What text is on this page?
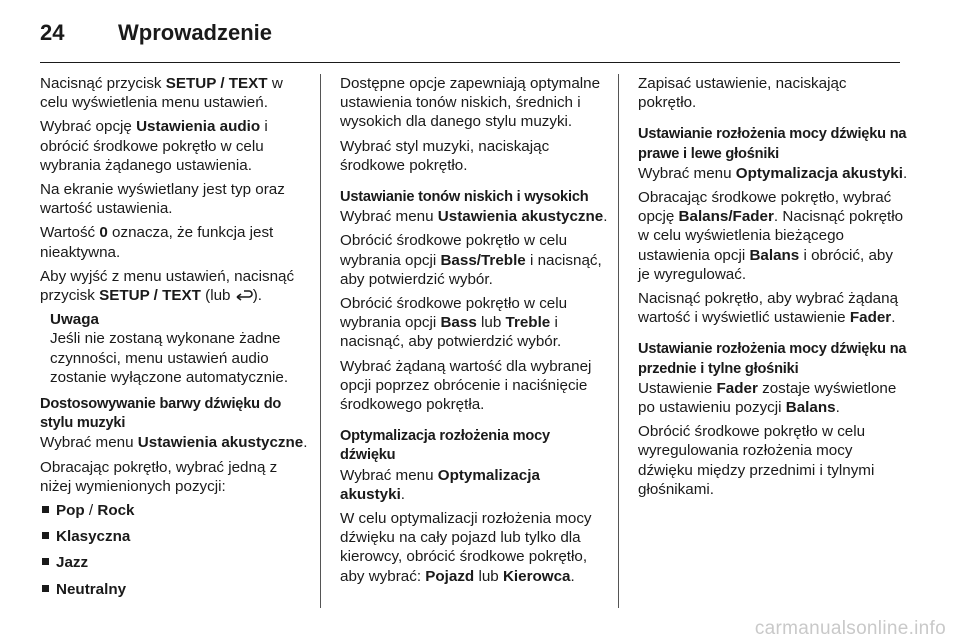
24 Wprowadzenie

Nacisnąć przycisk SETUP / TEXT w celu wyświetlenia menu ustawień.

Wybrać opcję Ustawienia audio i obrócić środkowe pokrętło w celu wybrania żądanego ustawienia.

Na ekranie wyświetlany jest typ oraz wartość ustawienia.

Wartość 0 oznacza, że funkcja jest nieaktywna.

Aby wyjść z menu ustawień, nacisnąć przycisk SETUP / TEXT (lub ).

Uwaga
Jeśli nie zostaną wykonane żadne czynności, menu ustawień audio zostanie wyłączone automatycznie.
Dostosowywanie barwy dźwięku do stylu muzyki

Wybrać menu Ustawienia akustyczne.

Obracając pokrętło, wybrać jedną z niżej wymienionych pozycji:

Pop / Rock
Klasyczna
Jazz
Neutralny

Dostępne opcje zapewniają optymalne ustawienia tonów niskich, średnich i wysokich dla danego stylu muzyki.

Wybrać styl muzyki, naciskając środkowe pokrętło.

Ustawianie tonów niskich i wysokich

Wybrać menu Ustawienia akustyczne.

Obrócić środkowe pokrętło w celu wybrania opcji Bass/Treble i nacisnąć, aby potwierdzić wybór.

Obrócić środkowe pokrętło w celu wybrania opcji Bass lub Treble i nacisnąć, aby potwierdzić wybór.

Wybrać żądaną wartość dla wybranej opcji poprzez obrócenie i naciśnięcie środkowego pokrętła.

Optymalizacja rozłożenia mocy dźwięku

Wybrać menu Optymalizacja akustyki.

W celu optymalizacji rozłożenia mocy dźwięku na cały pojazd lub tylko dla kierowcy, obrócić środkowe pokrętło, aby wybrać: Pojazd lub Kierowca.

Zapisać ustawienie, naciskając pokrętło.

Ustawianie rozłożenia mocy dźwięku na prawe i lewe głośniki

Wybrać menu Optymalizacja akustyki.

Obracając środkowe pokrętło, wybrać opcję Balans/Fader. Nacisnąć pokrętło w celu wyświetlenia bieżącego ustawienia opcji Balans i obrócić, aby je wyregulować.

Nacisnąć pokrętło, aby wybrać żądaną wartość i wyświetlić ustawienie Fader.

Ustawianie rozłożenia mocy dźwięku na przednie i tylne głośniki

Ustawienie Fader zostaje wyświetlone po ustawieniu pozycji Balans.

Obrócić środkowe pokrętło w celu wyregulowania rozłożenia mocy dźwięku między przednimi i tylnymi głośnikami.

carmanualsonline.info
